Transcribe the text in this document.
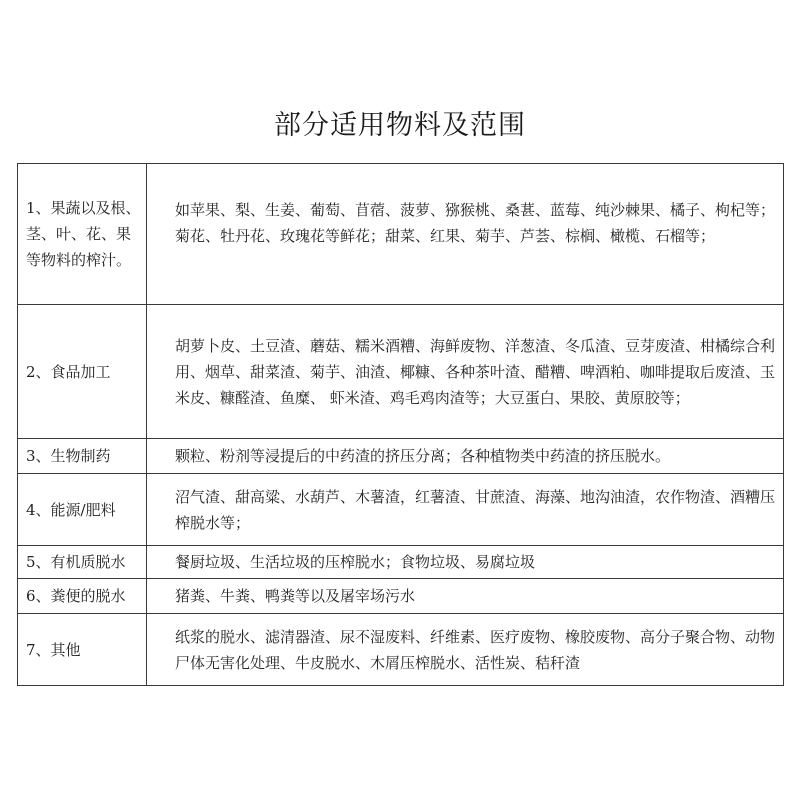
部分适用物料及范围
1、果蔬以及根、茎、叶、花、果等物料的榨汁。	如苹果、梨、生姜、葡萄、苜蓿、菠萝、猕猴桃、桑葚、蓝莓、纯沙棘果、橘子、枸杞等；菊花、牡丹花、玫瑰花等鲜花；甜菜、红果、菊芋、芦荟、棕榈、橄榄、石榴等；
2、食品加工	胡萝卜皮、土豆渣、蘑菇、糯米酒糟、海鲜废物、洋葱渣、冬瓜渣、豆芽废渣、柑橘综合利用、烟草、甜菜渣、菊芋、油渣、椰糠、各种茶叶渣、醋糟、啤酒粕、咖啡提取后废渣、玉米皮、糠醛渣、鱼糜、 虾米渣、鸡毛鸡肉渣等；大豆蛋白、果胶、黄原胶等；
3、生物制药	颗粒、粉剂等浸提后的中药渣的挤压分离；各种植物类中药渣的挤压脱水。
4、能源/肥料	沼气渣、甜高粱、水葫芦、木薯渣，红薯渣、甘蔗渣、海藻、地沟油渣，农作物渣、酒糟压榨脱水等；
5、有机质脱水	餐厨垃圾、生活垃圾的压榨脱水；食物垃圾、易腐垃圾
6、粪便的脱水	猪粪、牛粪、鸭粪等以及屠宰场污水
7、其他	纸浆的脱水、滤清器渣、尿不湿废料、纤维素、医疗废物、橡胶废物、高分子聚合物、动物尸体无害化处理、牛皮脱水、木屑压榨脱水、活性炭、秸秆渣
